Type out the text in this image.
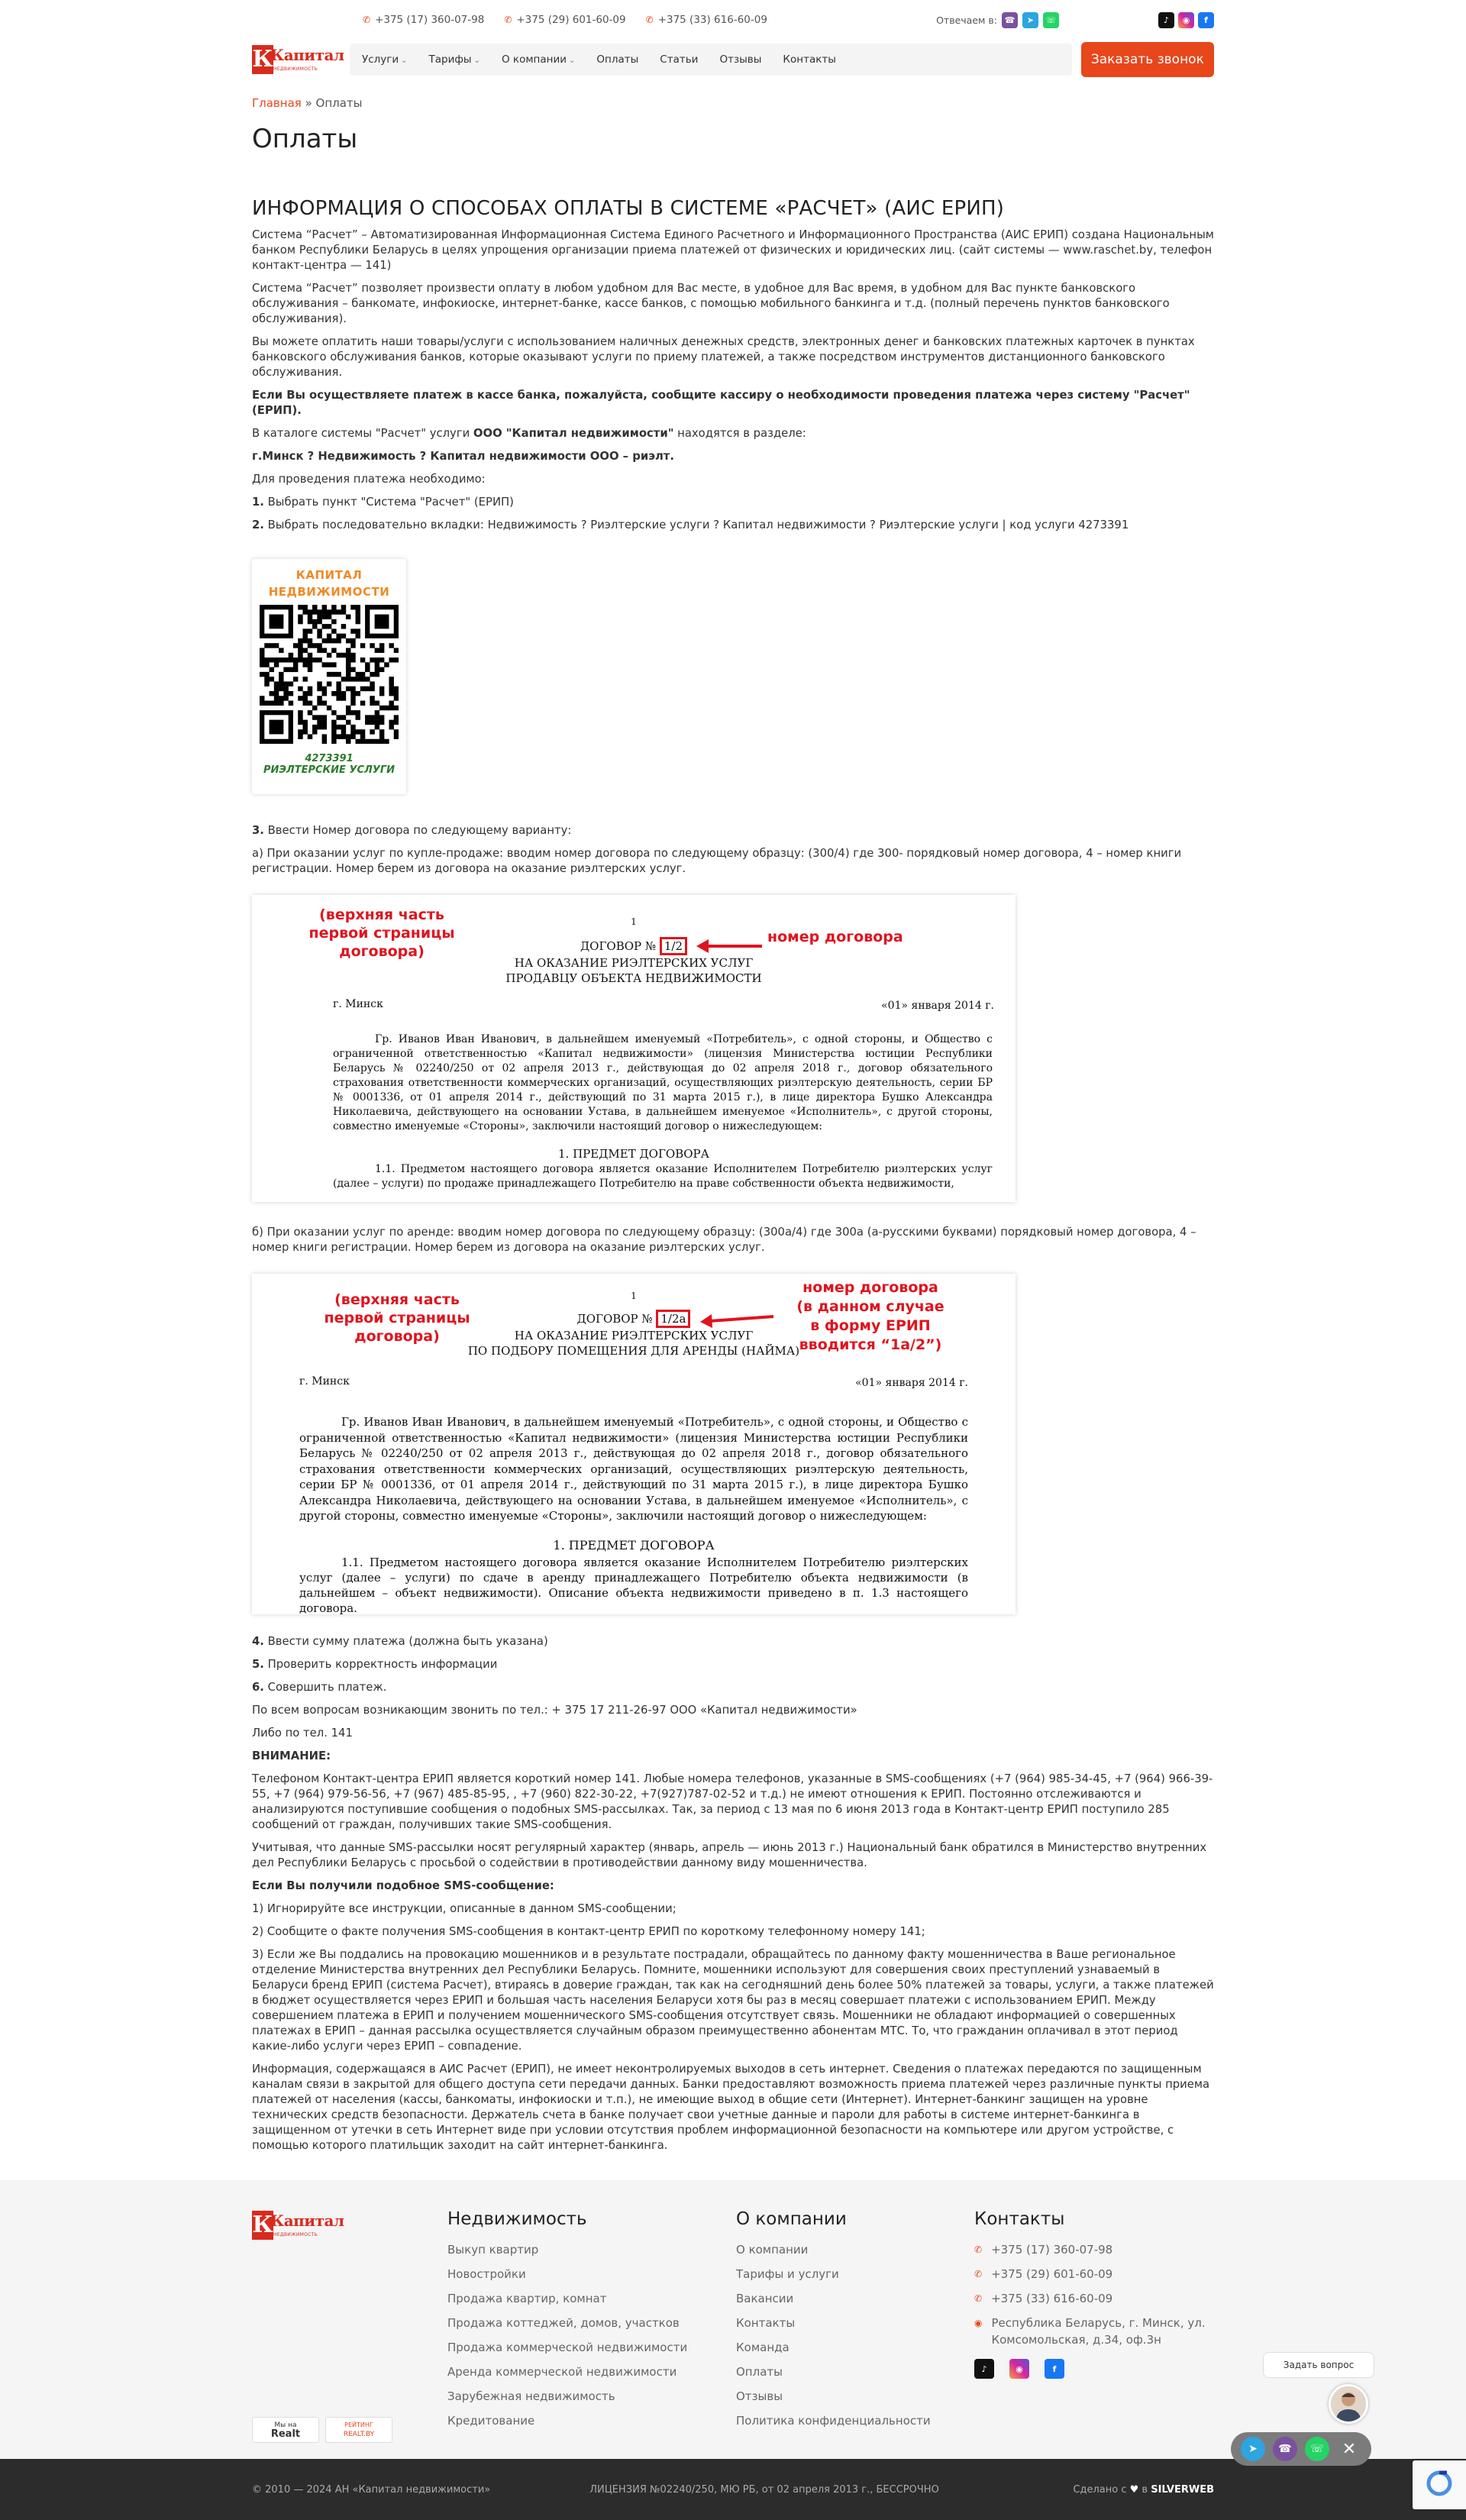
✆ +375 (17) 360-07-98 ✆ +375 (29) 601-60-09 ✆ +375 (33) 616-60-09	Отвечаем в: ☎	➤	☏	♪	◉	f
К
Капитал
НЕДВИЖИМОСТЬ
Услуги ⌄ Тарифы ⌄ О компании ⌄ Оплаты Статьи Отзывы Контакты	Заказать звонок
Главная » Оплаты
Оплаты
ИНФОРМАЦИЯ О СПОСОБАХ ОПЛАТЫ В СИСТЕМЕ «РАСЧЕТ» (АИС ЕРИП)

Система “Расчет” – Автоматизированная Информационная Система Единого Расчетного и Информационного Пространства (АИС ЕРИП) создана Национальным банком Республики Беларусь в целях упрощения организации приема платежей от физических и юридических лиц. (сайт системы — www.raschet.by, телефон контакт-центра — 141)

Система “Расчет” позволяет произвести оплату в любом удобном для Вас месте, в удобное для Вас время, в удобном для Вас пункте банковского обслуживания – банкомате, инфокиоске, интернет-банке, кассе банков, с помощью мобильного банкинга и т.д. (полный перечень пунктов банковского обслуживания).

Вы можете оплатить наши товары/услуги с использованием наличных денежных средств, электронных денег и банковских платежных карточек в пунктах банковского обслуживания банков, которые оказывают услуги по приему платежей, а также посредством инструментов дистанционного банковского обслуживания.

Если Вы осуществляете платеж в кассе банка, пожалуйста, сообщите кассиру о необходимости проведения платежа через систему "Расчет" (ЕРИП).

В каталоге системы "Расчет" услуги ООО "Капитал недвижимости" находятся в разделе:

г.Минск ? Недвижимость ? Капитал недвижимости ООО – риэлт.

Для проведения платежа необходимо:

1. Выбрать пункт "Система "Расчет" (ЕРИП)

2. Выбрать последовательно вкладки: Недвижимость ? Риэлтерские услуги ? Капитал недвижимости ? Риэлтерские услуги | код услуги 4273391

КАПИТАЛ
НЕДВИЖИМОСТИ
4273391
РИЭЛТЕРСКИЕ УСЛУГИ

3. Ввести Номер договора по следующему варианту:

а) При оказании услуг по купле-продаже: вводим номер договора по следующему образцу: (300/4) где 300- порядковый номер договора, 4 – номер книги регистрации. Номер берем из договора на оказание риэлтерских услуг.

(верхняя часть
первой страницы
договора)
1
ДОГОВОР № 1/2
номер договора
НА ОКАЗАНИЕ РИЭЛТЕРСКИХ УСЛУГ
ПРОДАВЦУ ОБЪЕКТА НЕДВИЖИМОСТИ
г. Минск	«01» января 2014 г.
Гр. Иванов Иван Иванович, в дальнейшем именуемый «Потребитель», с одной стороны, и Общество с ограниченной ответственностью «Капитал недвижимости» (лицензия Министерства юстиции Республики Беларусь № 02240/250 от 02 апреля 2013 г., действующая до 02 апреля 2018 г., договор обязательного страхования ответственности коммерческих организаций, осуществляющих риэлтерскую деятельность, серии БР № 0001336, от 01 апреля 2014 г., действующий по 31 марта 2015 г.), в лице директора Бушко Александра Николаевича, действующего на основании Устава, в дальнейшем именуемое «Исполнитель», с другой стороны, совместно именуемые «Стороны», заключили настоящий договор о нижеследующем:
1. ПРЕДМЕТ ДОГОВОРА
1.1. Предметом настоящего договора является оказание Исполнителем Потребителю риэлтерских услуг (далее – услуги) по продаже принадлежащего Потребителю на праве собственности объекта недвижимости,

б) При оказании услуг по аренде: вводим номер договора по следующему образцу: (300а/4) где 300а (а-русскими буквами) порядковый номер договора, 4 – номер книги регистрации. Номер берем из договора на оказание риэлтерских услуг.

(верхняя часть
первой страницы
договора)
1
ДОГОВОР № 1/2а
номер договора
(в данном случае
в форму ЕРИП
вводится “1а/2”)
НА ОКАЗАНИЕ РИЭЛТЕРСКИХ УСЛУГ
ПО ПОДБОРУ ПОМЕЩЕНИЯ ДЛЯ АРЕНДЫ (НАЙМА)
г. Минск	«01» января 2014 г.
Гр. Иванов Иван Иванович, в дальнейшем именуемый «Потребитель», с одной стороны, и Общество с ограниченной ответственностью «Капитал недвижимости» (лицензия Министерства юстиции Республики Беларусь № 02240/250 от 02 апреля 2013 г., действующая до 02 апреля 2018 г., договор обязательного страхования ответственности коммерческих организаций, осуществляющих риэлтерскую деятельность, серии БР № 0001336, от 01 апреля 2014 г., действующий по 31 марта 2015 г.), в лице директора Бушко Александра Николаевича, действующего на основании Устава, в дальнейшем именуемое «Исполнитель», с другой стороны, совместно именуемые «Стороны», заключили настоящий договор о нижеследующем:
1. ПРЕДМЕТ ДОГОВОРА
1.1. Предметом настоящего договора является оказание Исполнителем Потребителю риэлтерских услуг (далее – услуги) по сдаче в аренду принадлежащего Потребителю объекта недвижимости (в дальнейшем – объект недвижимости). Описание объекта недвижимости приведено в п. 1.3 настоящего договора.

4. Ввести сумму платежа (должна быть указана)

5. Проверить корректность информации

6. Совершить платеж.

По всем вопросам возникающим звонить по тел.: + 375 17 211-26-97 ООО «Капитал недвижимости»

Либо по тел. 141

ВНИМАНИЕ:

Телефоном Контакт-центра ЕРИП является короткий номер 141. Любые номера телефонов, указанные в SMS-сообщениях (+7 (964) 985-34-45, +7 (964) 966-39-55, +7 (964) 979-56-56, +7 (967) 485-85-95, , +7 (960) 822-30-22, +7(927)787-02-52 и т.д.) не имеют отношения к ЕРИП. Постоянно отслеживаются и анализируются поступившие сообщения о подобных SMS-рассылках. Так, за период с 13 мая по 6 июня 2013 года в Контакт-центр ЕРИП поступило 285 сообщений от граждан, получивших такие SMS-сообщения.

Учитывая, что данные SMS-рассылки носят регулярный характер (январь, апрель — июнь 2013 г.) Национальный банк обратился в Министерство внутренних дел Республики Беларусь с просьбой о содействии в противодействии данному виду мошенничества.

Если Вы получили подобное SMS-сообщение:

1) Игнорируйте все инструкции, описанные в данном SMS-сообщении;

2) Сообщите о факте получения SMS-сообщения в контакт-центр ЕРИП по короткому телефонному номеру 141;

3) Если же Вы поддались на провокацию мошенников и в результате пострадали, обращайтесь по данному факту мошенничества в Ваше региональное отделение Министерства внутренних дел Республики Беларусь. Помните, мошенники используют для совершения своих преступлений узнаваемый в Беларуси бренд ЕРИП (система Расчет), втираясь в доверие граждан, так как на сегодняшний день более 50% платежей за товары, услуги, а также платежей в бюджет осуществляется через ЕРИП и большая часть населения Беларуси хотя бы раз в месяц совершает платежи с использованием ЕРИП. Между совершением платежа в ЕРИП и получением мошеннического SMS-сообщения отсутствует связь. Мошенники не обладают информацией о совершенных платежах в ЕРИП – данная рассылка осуществляется случайным образом преимущественно абонентам МТС. То, что гражданин оплачивал в этот период какие-либо услуги через ЕРИП – совпадение.

Информация, содержащаяся в АИС Расчет (ЕРИП), не имеет неконтролируемых выходов в сеть интернет. Сведения о платежах передаются по защищенным каналам связи в закрытой для общего доступа сети передачи данных. Банки предоставляют возможность приема платежей через различные пункты приема платежей от населения (кассы, банкоматы, инфокиоски и т.п.), не имеющие выход в общие сети (Интернет). Интернет-банкинг защищен на уровне технических средств безопасности. Держатель счета в банке получает свои учетные данные и пароли для работы в системе интернет-банкинга в защищенном от утечки в сеть Интернет виде при условии отсутствия проблем информационной безопасности на компьютере или другом устройстве, с помощью которого платильщик заходит на сайт интернет-банкинга.

К
Капитал
НЕДВИЖИМОСТЬ
Недвижимость
Выкуп квартир
Новостройки
Продажа квартир, комнат
Продажа коттеджей, домов, участков
Продажа коммерческой недвижимости
Аренда коммерческой недвижимости
Зарубежная недвижимость
Кредитование
О компании
О компании
Тарифы и услуги
Вакансии
Контакты
Команда
Оплаты
Отзывы
Политика конфиденциальности
Контакты
✆ +375 (17) 360-07-98
✆ +375 (29) 601-60-09
✆ +375 (33) 616-60-09
◉ Республика Беларусь, г. Минск, ул. Комсомольская, д.34, оф.3н
♪	◉	f
Мы на
Realt
РЕЙТИНГ
REALT.BY
© 2010 — 2024 АН «Капитал недвижимости»	ЛИЦЕНЗИЯ №02240/250, МЮ РБ, от 02 апреля 2013 г., БЕССРОЧНО	Сделано с ♥ в SILVERWEB
Задать вопрос
➤	☎	☏	✕
